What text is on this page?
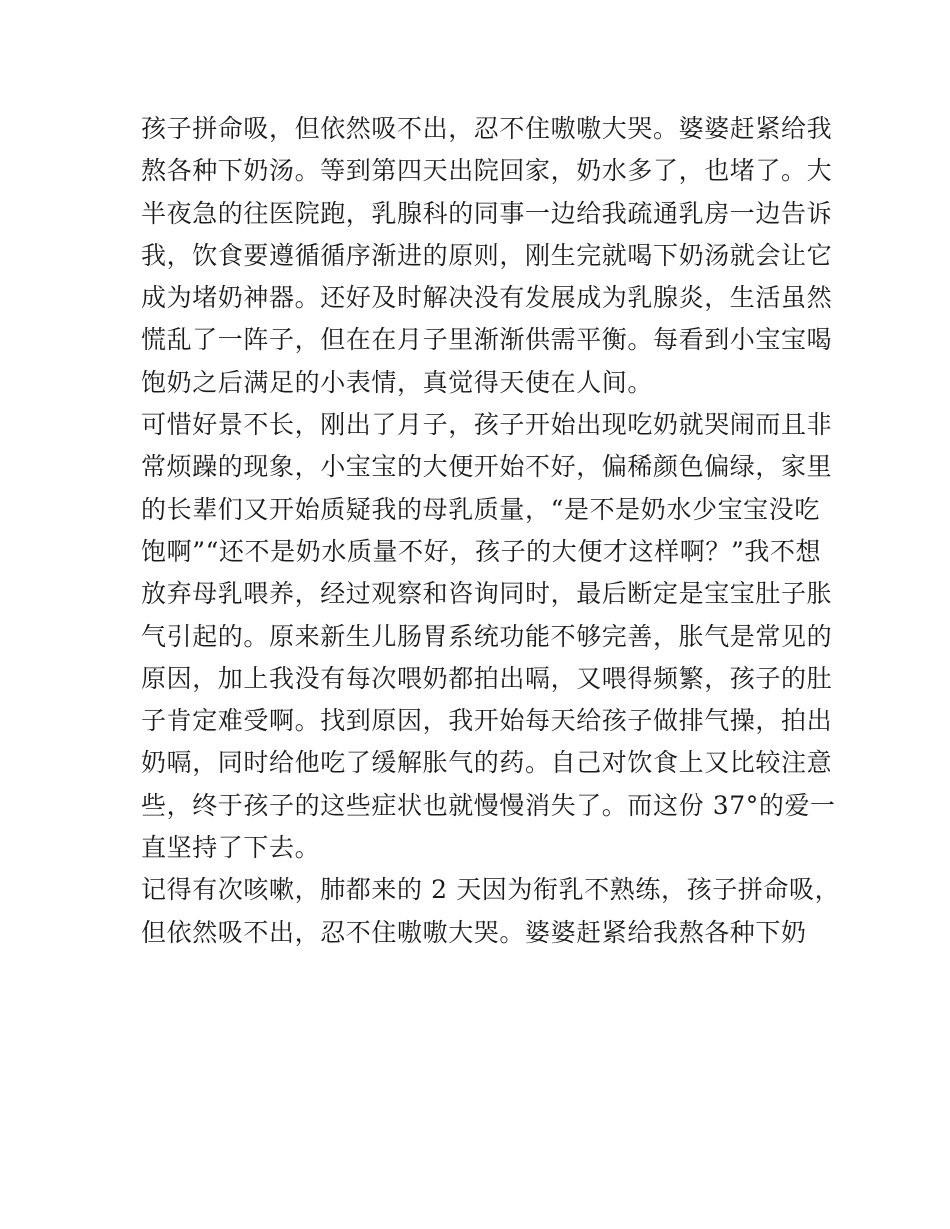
孩子拼命吸，但依然吸不出，忍不住嗷嗷大哭。婆婆赶紧给我
熬各种下奶汤。等到第四天出院回家，奶水多了，也堵了。大
半夜急的往医院跑，乳腺科的同事一边给我疏通乳房一边告诉
我，饮食要遵循循序渐进的原则，刚生完就喝下奶汤就会让它
成为堵奶神器。还好及时解决没有发展成为乳腺炎，生活虽然
慌乱了一阵子，但在在月子里渐渐供需平衡。每看到小宝宝喝
饱奶之后满足的小表情，真觉得天使在人间。
可惜好景不长，刚出了月子，孩子开始出现吃奶就哭闹而且非
常烦躁的现象，小宝宝的大便开始不好，偏稀颜色偏绿，家里
的长辈们又开始质疑我的母乳质量，“是不是奶水少宝宝没吃
饱啊”“还不是奶水质量不好，孩子的大便才这样啊？”我不想
放弃母乳喂养，经过观察和咨询同时，最后断定是宝宝肚子胀
气引起的。原来新生儿肠胃系统功能不够完善，胀气是常见的
原因，加上我没有每次喂奶都拍出嗝，又喂得频繁，孩子的肚
子肯定难受啊。找到原因，我开始每天给孩子做排气操，拍出
奶嗝，同时给他吃了缓解胀气的药。自己对饮食上又比较注意
些，终于孩子的这些症状也就慢慢消失了。而这份 37°的爱一
直坚持了下去。
记得有次咳嗽，肺都来的 2 天因为衔乳不熟练，孩子拼命吸，
但依然吸不出，忍不住嗷嗷大哭。婆婆赶紧给我熬各种下奶
